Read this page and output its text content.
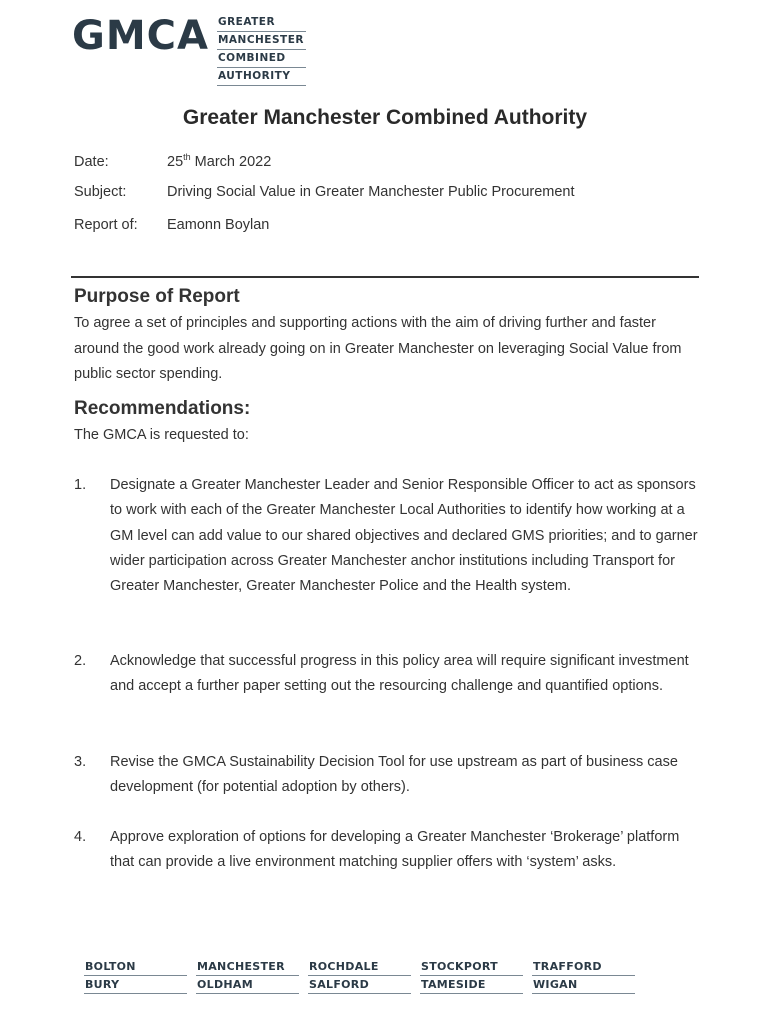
GMCA GREATER
MANCHESTER
COMBINED
AUTHORITY
Greater Manchester Combined Authority
Date:	25th March 2022
Subject:	Driving Social Value in Greater Manchester Public Procurement
Report of: Eamonn Boylan
Purpose of Report
To agree a set of principles and supporting actions with the aim of driving further and faster around the good work already going on in Greater Manchester on leveraging Social Value from public sector spending.
Recommendations:
The GMCA is requested to:
1. Designate a Greater Manchester Leader and Senior Responsible Officer to act as sponsors to work with each of the Greater Manchester Local Authorities to identify how working at a GM level can add value to our shared objectives and declared GMS priorities; and to garner wider participation across Greater Manchester anchor institutions including Transport for Greater Manchester, Greater Manchester Police and the Health system.
2. Acknowledge that successful progress in this policy area will require significant investment and accept a further paper setting out the resourcing challenge and quantified options.
3. Revise the GMCA Sustainability Decision Tool for use upstream as part of business case development (for potential adoption by others).
4. Approve exploration of options for developing a Greater Manchester ‘Brokerage’ platform that can provide a live environment matching supplier offers with ‘system’ asks.
BOLTON	MANCHESTER	ROCHDALE	STOCKPORT	TRAFFORD
BURY	OLDHAM	SALFORD	TAMESIDE	WIGAN
